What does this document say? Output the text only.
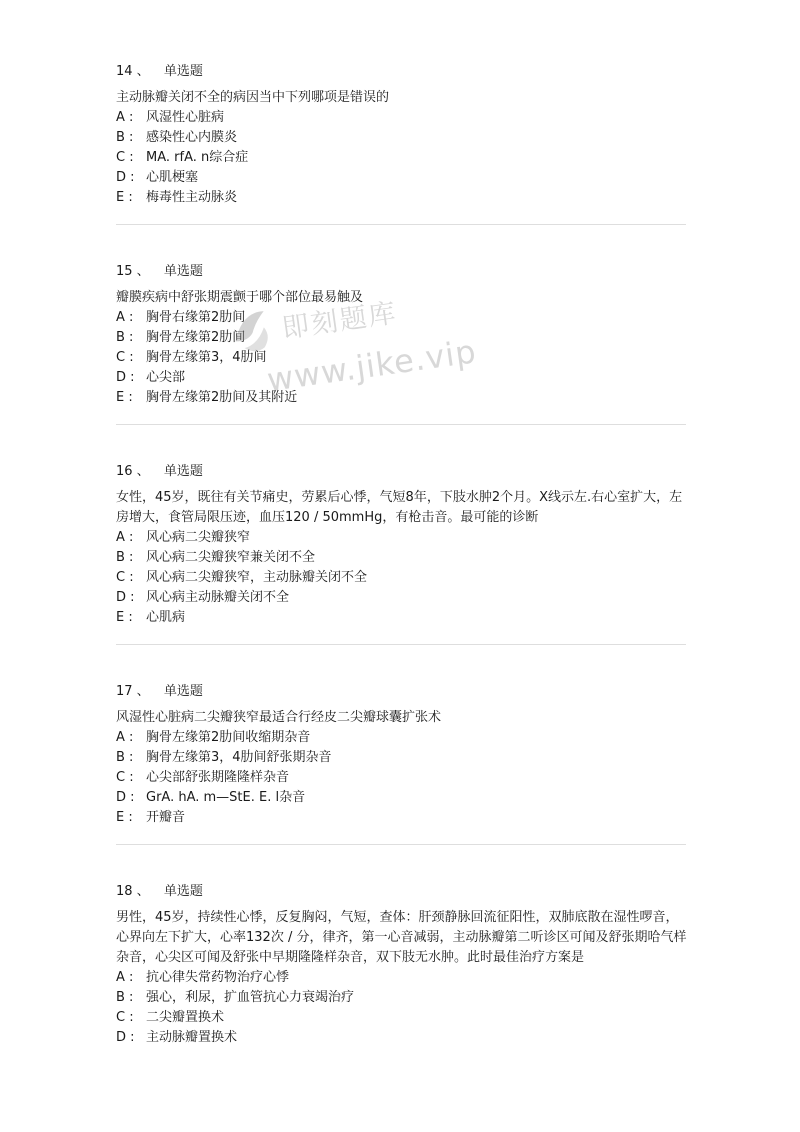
14 、 单选题
主动脉瓣关闭不全的病因当中下列哪项是错误的
A : 风湿性心脏病
B : 感染性心内膜炎
C : MA. rfA. n综合症
D : 心肌梗塞
E : 梅毒性主动脉炎
15 、 单选题
瓣膜疾病中舒张期震颤于哪个部位最易触及
A : 胸骨右缘第2肋间
B : 胸骨左缘第2肋间
C : 胸骨左缘第3，4肋间
D : 心尖部
E : 胸骨左缘第2肋间及其附近
16 、 单选题
女性，45岁，既往有关节痛史，劳累后心悸，气短8年，下肢水肿2个月。X线示左.右心室扩大，左房增大，食管局限压迹，血压120 / 50mmHg，有枪击音。最可能的诊断
A : 风心病二尖瓣狭窄
B : 风心病二尖瓣狭窄兼关闭不全
C : 风心病二尖瓣狭窄，主动脉瓣关闭不全
D : 风心病主动脉瓣关闭不全
E : 心肌病
17 、 单选题
风湿性心脏病二尖瓣狭窄最适合行经皮二尖瓣球囊扩张术
A : 胸骨左缘第2肋间收缩期杂音
B : 胸骨左缘第3，4肋间舒张期杂音
C : 心尖部舒张期隆隆样杂音
D : GrA. hA. m—StE. E. l杂音
E : 开瓣音
18 、 单选题
男性，45岁，持续性心悸，反复胸闷，气短，查体：肝颈静脉回流征阳性，双肺底散在湿性啰音，心界向左下扩大，心率132次 / 分，律齐，第一心音减弱，主动脉瓣第二听诊区可闻及舒张期哈气样杂音，心尖区可闻及舒张中早期隆隆样杂音，双下肢无水肿。此时最佳治疗方案是
A : 抗心律失常药物治疗心悸
B : 强心，利尿，扩血管抗心力衰竭治疗
C : 二尖瓣置换术
D : 主动脉瓣置换术
即刻题库
www.jike.vip
